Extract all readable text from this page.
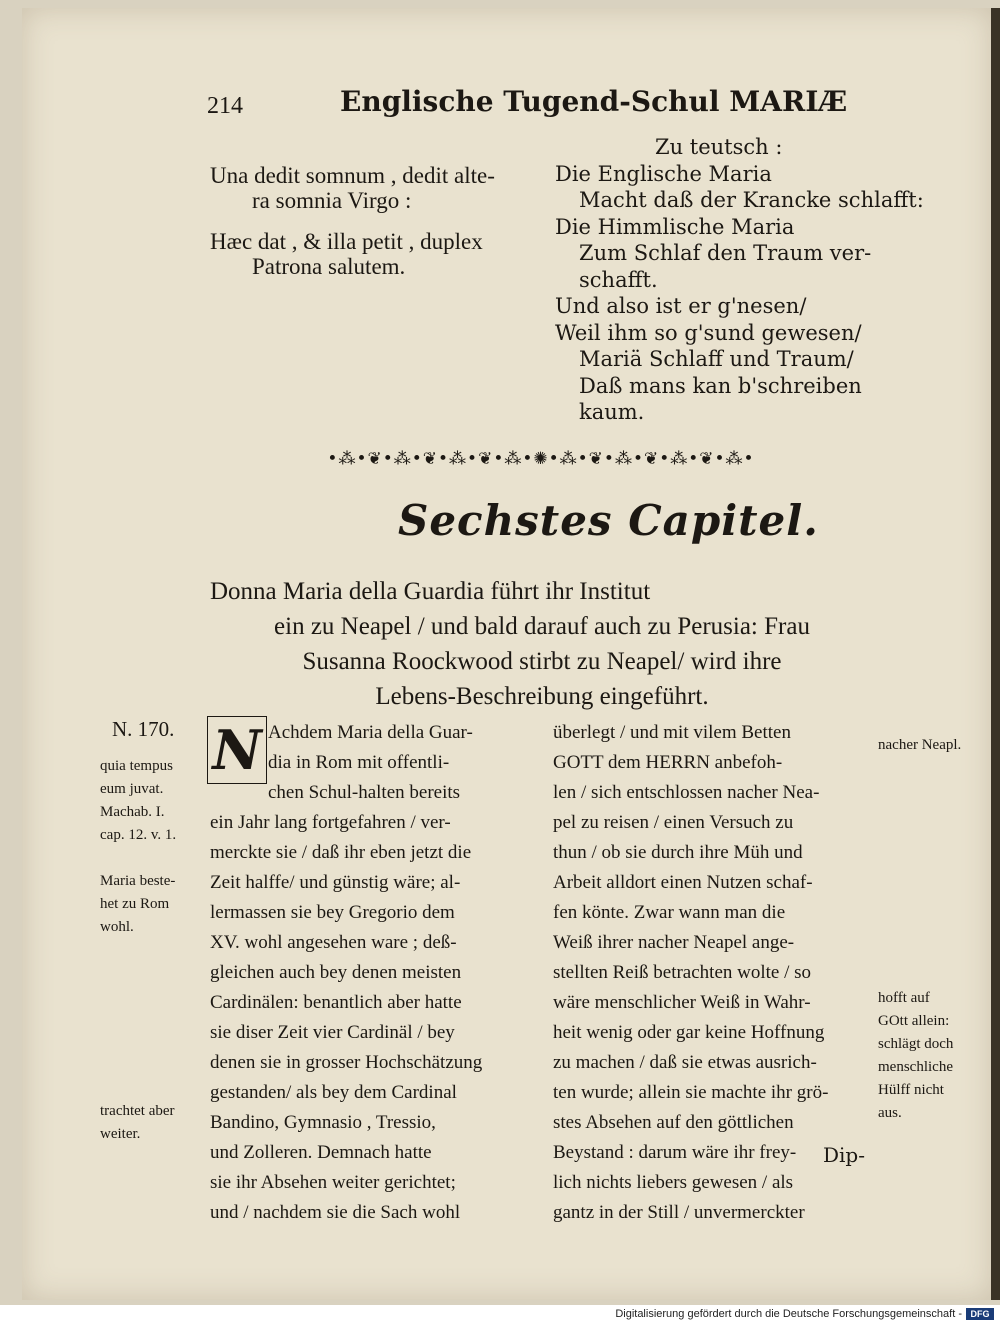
214	Englische Tugend-Schul MARIÆ
Una dedit somnum , dedit alte-
ra somnia Virgo :
Hæc dat , & illa petit , duplex
Patrona salutem.
Zu teutsch :
Die Englische Maria
Macht daß der Krancke schlafft:
Die Himmlische Maria
Zum Schlaf den Traum ver-
schafft.
Und also ist er g'nesen/
Weil ihm so g'sund gewesen/
Mariä Schlaff und Traum/
Daß mans kan b'schreiben
kaum.
•⁂•❦•⁂•❦•⁂•❦•⁂•✺•⁂•❦•⁂•❦•⁂•❦•⁂•
Sechstes Capitel.
Donna Maria della Guardia führt ihr Institut
ein zu Neapel / und bald darauf auch zu Perusia: Frau
Susanna Roockwood stirbt zu Neapel/ wird ihre
Lebens-Beschreibung eingeführt.
N. 170.
quia tempus
eum juvat.
Machab. I.
cap. 12. v. 1.

Maria beste-
het zu Rom
wohl.

trachtet aber
weiter.
N Achdem Maria della Guar-
dia in Rom mit offentli-
chen Schul-halten bereits
ein Jahr lang fortgefahren / ver-
merckte sie / daß ihr eben jetzt die
Zeit halffe/ und günstig wäre; al-
lermassen sie bey Gregorio dem
XV. wohl angesehen ware ; deß-
gleichen auch bey denen meisten
Cardinälen: benantlich aber hatte
sie diser Zeit vier Cardinäl / bey
denen sie in grosser Hochschätzung
gestanden/ als bey dem Cardinal
Bandino, Gymnasio , Tressio,
und Zolleren. Demnach hatte
sie ihr Absehen weiter gerichtet;
und / nachdem sie die Sach wohl
überlegt / und mit vilem Betten
GOTT dem HERRN anbefoh-
len / sich entschlossen nacher Nea-
pel zu reisen / einen Versuch zu
thun / ob sie durch ihre Müh und
Arbeit alldort einen Nutzen schaf-
fen könte. Zwar wann man die
Weiß ihrer nacher Neapel ange-
stellten Reiß betrachten wolte / so
wäre menschlicher Weiß in Wahr-
heit wenig oder gar keine Hoffnung
zu machen / daß sie etwas ausrich-
ten wurde; allein sie machte ihr grö-
stes Absehen auf den göttlichen
Beystand : darum wäre ihr frey-
lich nichts liebers gewesen / als
gantz in der Still / unvermerckter
nacher Neapl.

hofft auf
GOtt allein:
schlägt doch
menschliche
Hülff nicht
aus.
Dip-
Digitalisierung gefördert durch die Deutsche Forschungsgemeinschaft - DFG
